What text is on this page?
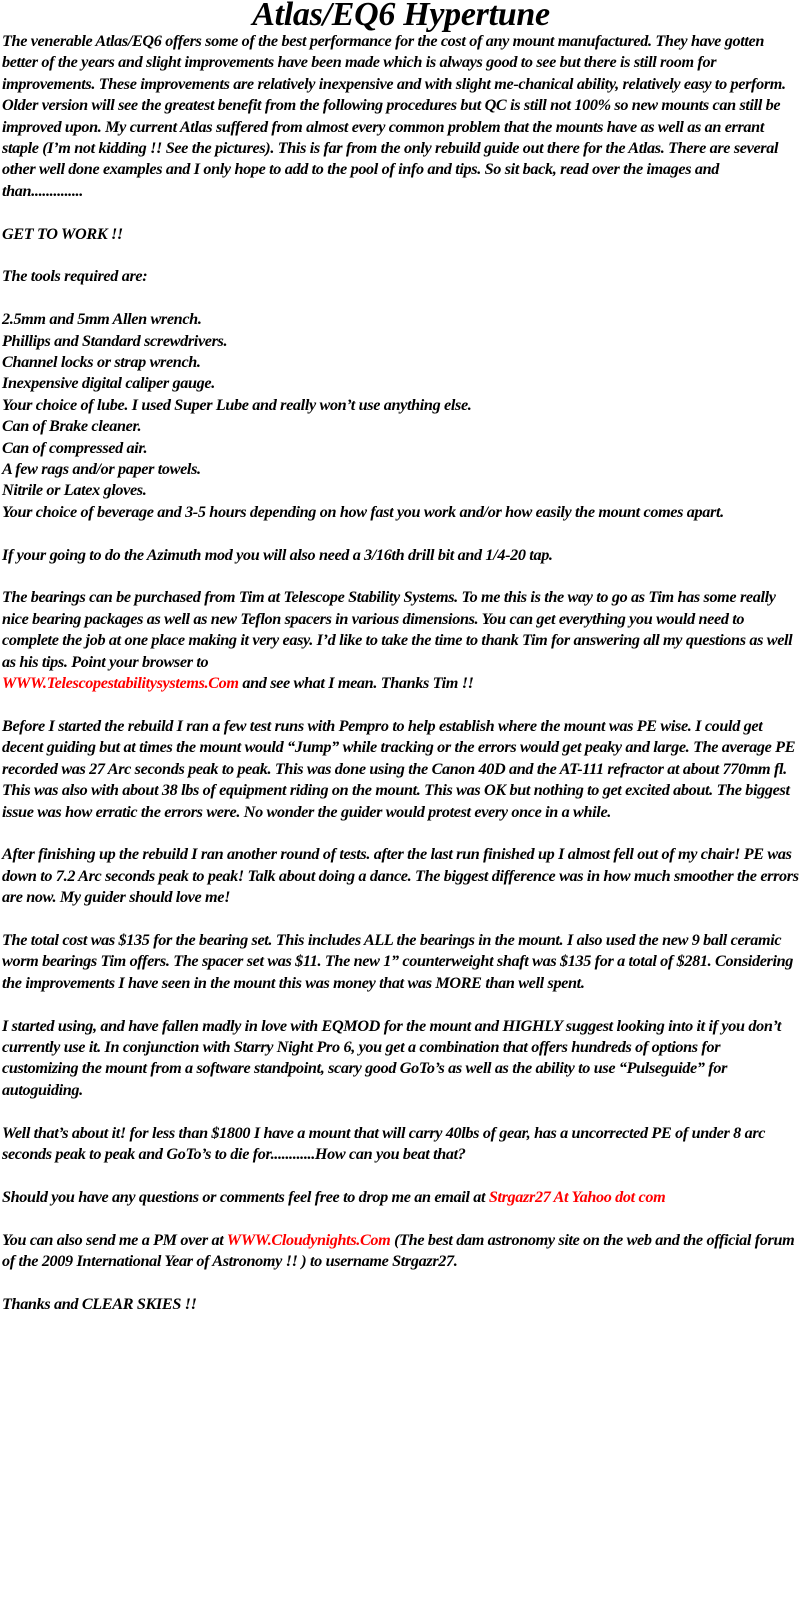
Atlas/EQ6 Hypertune

The venerable Atlas/EQ6 offers some of the best performance for the cost of any mount manufactured. They have gotten better of the years and slight improvements have been made which is always good to see but there is still room for improvements. These improvements are relatively inexpensive and with slight me-chanical ability, relatively easy to perform. Older version will see the greatest benefit from the following procedures but QC is still not 100% so new mounts can still be improved upon. My current Atlas suffered from almost every common problem that the mounts have as well as an errant staple (I’m not kidding !! See the pictures). This is far from the only rebuild guide out there for the Atlas. There are several other well done examples and I only hope to add to the pool of info and tips. So sit back, read over the images and than..............

GET TO WORK !!

The tools required are:

2.5mm and 5mm Allen wrench.

Phillips and Standard screwdrivers.

Channel locks or strap wrench.

Inexpensive digital caliper gauge.

Your choice of lube. I used Super Lube and really won’t use anything else.

Can of Brake cleaner.

Can of compressed air.

A few rags and/or paper towels.

Nitrile or Latex gloves.

Your choice of beverage and 3-5 hours depending on how fast you work and/or how easily the mount comes apart.

If your going to do the Azimuth mod you will also need a 3/16th drill bit and 1/4-20 tap.

The bearings can be purchased from Tim at Telescope Stability Systems. To me this is the way to go as Tim has some really nice bearing packages as well as new Teflon spacers in various dimensions. You can get everything you would need to complete the job at one place making it very easy. I’d like to take the time to thank Tim for answering all my questions as well as his tips. Point your browser to
WWW.Telescopestabilitysystems.Com and see what I mean. Thanks Tim !!

Before I started the rebuild I ran a few test runs with Pempro to help establish where the mount was PE wise. I could get decent guiding but at times the mount would “Jump” while tracking or the errors would get peaky and large. The average PE recorded was 27 Arc seconds peak to peak. This was done using the Canon 40D and the AT-111 refractor at about 770mm fl. This was also with about 38 lbs of equipment riding on the mount. This was OK but nothing to get excited about. The biggest issue was how erratic the errors were. No wonder the guider would protest every once in a while.

After finishing up the rebuild I ran another round of tests. after the last run finished up I almost fell out of my chair! PE was down to 7.2 Arc seconds peak to peak! Talk about doing a dance. The biggest difference was in how much smoother the errors are now. My guider should love me!

The total cost was $135 for the bearing set. This includes ALL the bearings in the mount. I also used the new 9 ball ceramic worm bearings Tim offers. The spacer set was $11. The new 1” counterweight shaft was $135 for a total of $281. Considering the improvements I have seen in the mount this was money that was MORE than well spent.

I started using, and have fallen madly in love with EQMOD for the mount and HIGHLY suggest looking into it if you don’t currently use it. In conjunction with Starry Night Pro 6, you get a combination that offers hundreds of options for customizing the mount from a software standpoint, scary good GoTo’s as well as the ability to use “Pulseguide” for autoguiding.

Well that’s about it! for less than $1800 I have a mount that will carry 40lbs of gear, has a uncorrected PE of under 8 arc seconds peak to peak and GoTo’s to die for............How can you beat that?

Should you have any questions or comments feel free to drop me an email at Strgazr27 At Yahoo dot com

You can also send me a PM over at WWW.Cloudynights.Com (The best dam astronomy site on the web and the official forum of the 2009 International Year of Astronomy !! ) to username Strgazr27.

Thanks and CLEAR SKIES !!
